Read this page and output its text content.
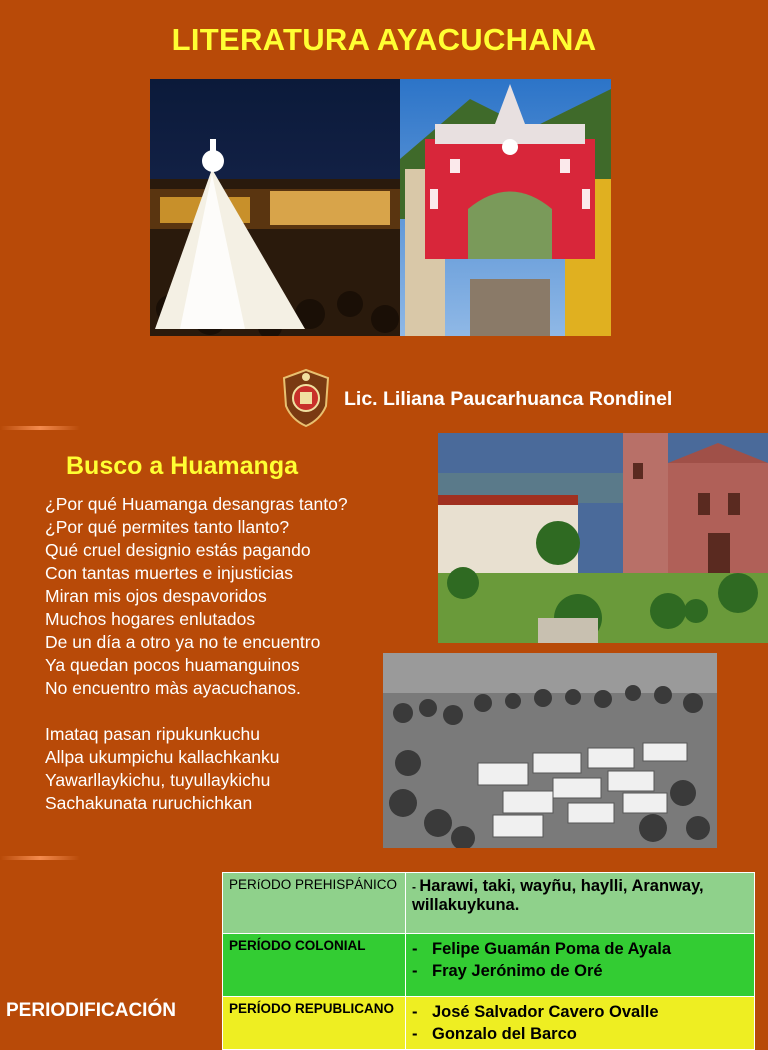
LITERATURA AYACUCHANA
Lic. Liliana Paucarhuanca Rondinel
Busco a Huamanga
¿Por qué Huamanga desangras tanto?
¿Por qué permites tanto llanto?
Qué cruel designio estás pagando
Con tantas muertes e injusticias
Miran mis ojos despavoridos
Muchos hogares enlutados
De un día a otro ya no te encuentro
Ya quedan pocos huamanguinos
No encuentro màs ayacuchanos.
Imataq pasan ripukunkuchu
Allpa ukumpichu kallachkanku
Yawarllaykichu, tuyullaykichu
Sachakunata ruruchichkan
PERíODO PREHISPÁNICO	- Harawi, taki, wayñu, haylli, Aranway, willakuykuna.
PERÍODO COLONIAL	- Felipe Guamán Poma de Ayala
- Fray Jerónimo de Oré

PERÍODO REPUBLICANO	- José Salvador Cavero Ovalle
- Gonzalo del Barco
PERIODIFICACIÓN
